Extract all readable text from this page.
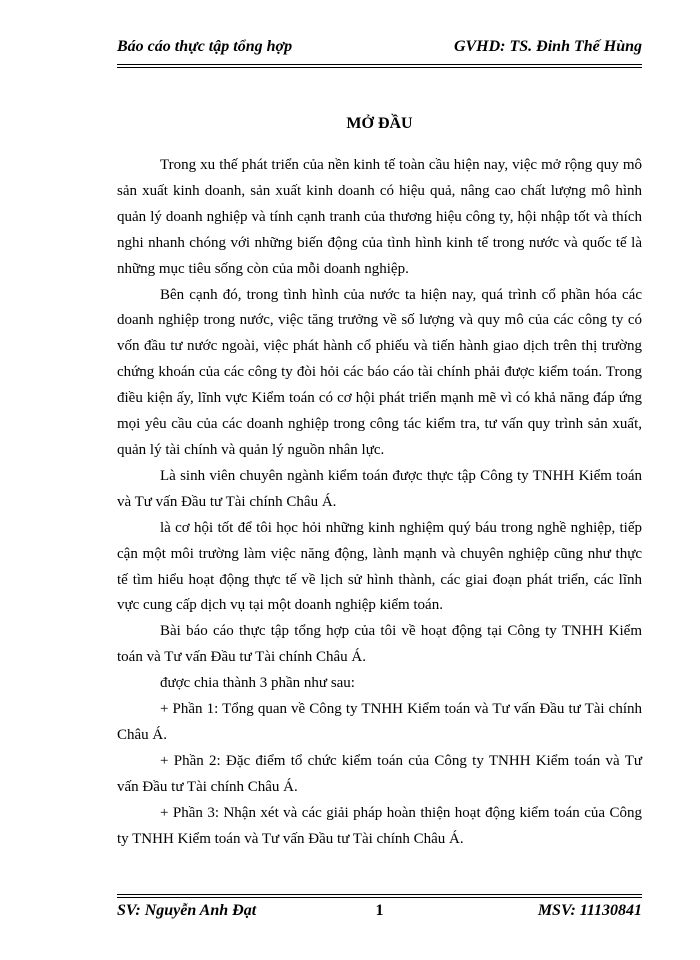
Báo cáo thực tập tổng hợp	GVHD: TS. Đinh Thế Hùng
MỞ ĐẦU

Trong xu thế phát triển của nền kinh tế toàn cầu hiện nay, việc mở rộng quy mô sản xuất kinh doanh, sản xuất kinh doanh có hiệu quả, nâng cao chất lượng mô hình quản lý doanh nghiệp và tính cạnh tranh của thương hiệu công ty, hội nhập tốt và thích nghi nhanh chóng với những biến động của tình hình kinh tế trong nước và quốc tế là những mục tiêu sống còn của mỗi doanh nghiệp.

Bên cạnh đó, trong tình hình của nước ta hiện nay, quá trình cổ phần hóa các doanh nghiệp trong nước, việc tăng trưởng về số lượng và quy mô của các công ty có vốn đầu tư nước ngoài, việc phát hành cổ phiếu và tiến hành giao dịch trên thị trường chứng khoán của các công ty đòi hỏi các báo cáo tài chính phải được kiểm toán. Trong điều kiện ấy, lĩnh vực Kiểm toán có cơ hội phát triển mạnh mẽ vì có khả năng đáp ứng mọi yêu cầu của các doanh nghiệp trong công tác kiểm tra, tư vấn quy trình sản xuất, quản lý tài chính và quản lý nguồn nhân lực.

Là sinh viên chuyên ngành kiểm toán được thực tập Công ty TNHH Kiểm toán và Tư vấn Đầu tư Tài chính Châu Á.

là cơ hội tốt để tôi học hỏi những kinh nghiệm quý báu trong nghề nghiệp, tiếp cận một môi trường làm việc năng động, lành mạnh và chuyên nghiệp cũng như thực tế tìm hiểu hoạt động thực tế về lịch sử hình thành, các giai đoạn phát triển, các lĩnh vực cung cấp dịch vụ tại một doanh nghiệp kiểm toán.

Bài báo cáo thực tập tổng hợp của tôi về hoạt động tại Công ty TNHH Kiểm toán và Tư vấn Đầu tư Tài chính Châu Á.

được chia thành 3 phần như sau:

+ Phần 1: Tổng quan về Công ty TNHH Kiểm toán và Tư vấn Đầu tư Tài chính Châu Á.

+ Phần 2: Đặc điểm tổ chức kiểm toán của Công ty TNHH Kiểm toán và Tư vấn Đầu tư Tài chính Châu Á.

+ Phần 3: Nhận xét và các giải pháp hoàn thiện hoạt động kiểm toán của Công ty TNHH Kiểm toán và Tư vấn Đầu tư Tài chính Châu Á.

SV: Nguyễn Anh Đạt	1	MSV: 11130841
